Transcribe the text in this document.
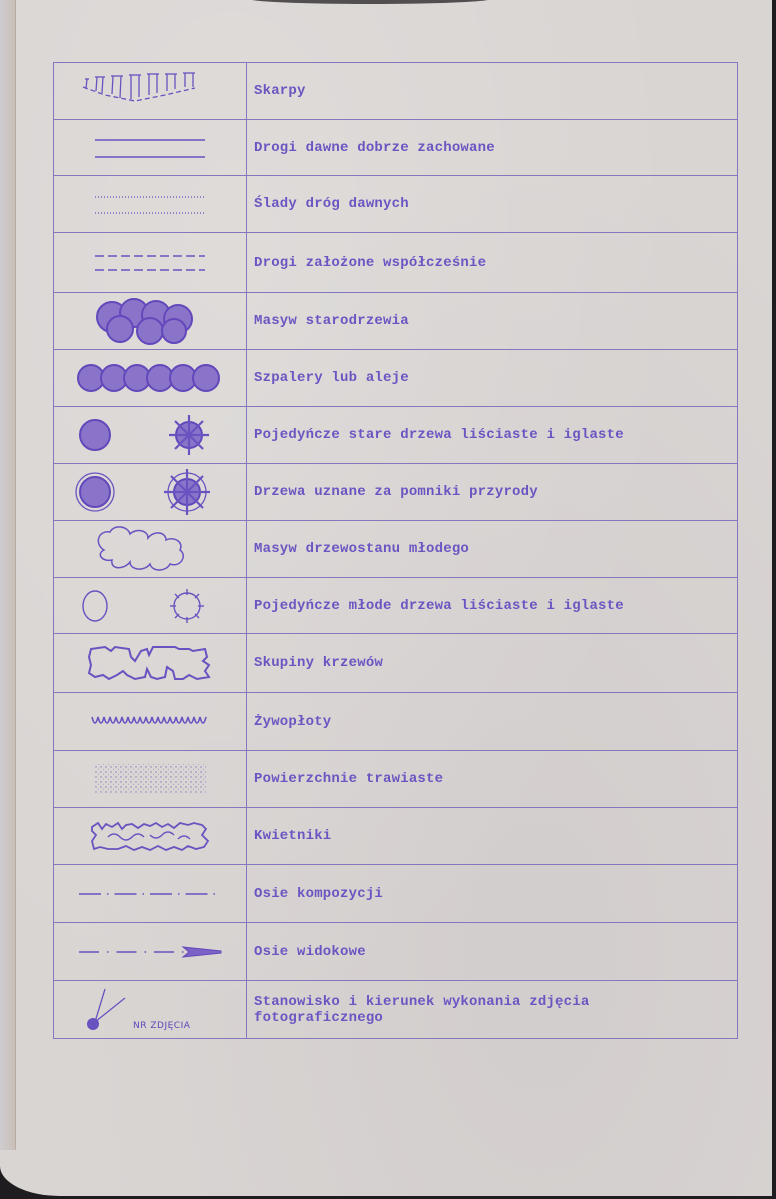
	Skarpy

	Drogi dawne dobrze zachowane

	Ślady dróg dawnych

	Drogi założone współcześnie

	Masyw starodrzewia

	Szpalery lub aleje

	Pojedyńcze stare drzewa liściaste i iglaste

	Drzewa uznane za pomniki przyrody

	Masyw drzewostanu młodego

	Pojedyńcze młode drzewa liściaste i iglaste

	Skupiny krzewów

	Żywopłoty

	Powierzchnie trawiaste

	Kwietniki

	Osie kompozycji

	Osie widokowe

NR ZDJĘCIA	Stanowisko i kierunek wykonania zdjęcia fotograficznego
